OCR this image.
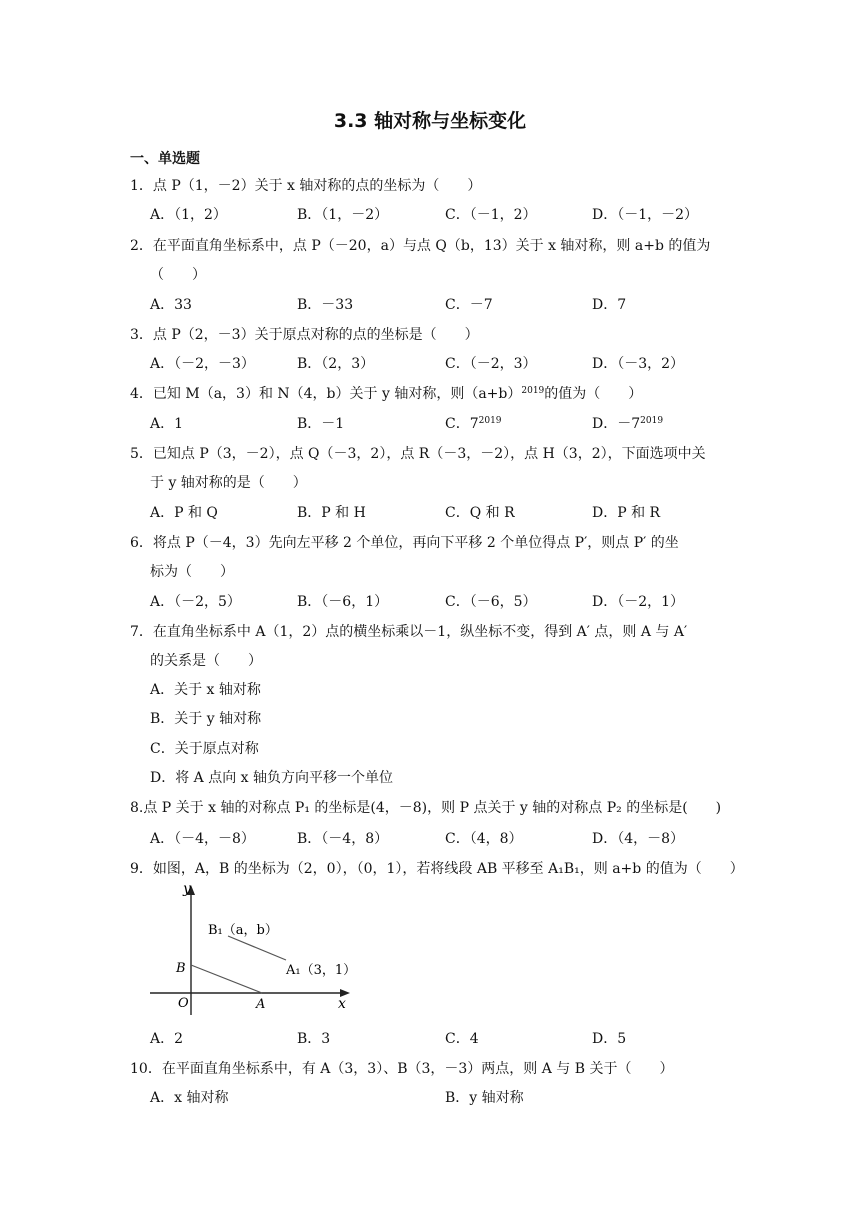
3.3 轴对称与坐标变化
一、单选题
1．点 P（1，－2）关于 x 轴对称的点的坐标为（　　）
A．（1，2）	B．（1，－2）	C．（－1，2）	D．（－1，－2）
2．在平面直角坐标系中，点 P（－20，a）与点 Q（b，13）关于 x 轴对称，则 a+b 的值为
（　　）
A．33	B．－33	C．－7	D．7
3．点 P（2，－3）关于原点对称的点的坐标是（　　）
A．（－2，－3）	B．（2，3）	C．（－2，3）	D．（－3，2）
4．已知 M（a，3）和 N（4，b）关于 y 轴对称，则$(a+b)^{2019}$的值为（　　）
A．1	B．－1	C．$7^{2019}$	D．$-7^{2019}$
5．已知点 P（3，－2），点 Q（－3，2），点 R（－3，－2），点 H（3，2），下面选项中关
于 y 轴对称的是（　　）
A．P 和 Q	B．P 和 H	C．Q 和 R	D．P 和 R
6．将点 P（－4，3）先向左平移 2 个单位，再向下平移 2 个单位得点 P′，则点 P′ 的坐
标为（　　）
A．（－2，5）	B．（－6，1）	C．（－6，5）	D．（－2，1）
7．在直角坐标系中 A（1，2）点的横坐标乘以－1，纵坐标不变，得到 A′ 点，则 A 与 A′
的关系是（　　）
A．关于 x 轴对称
B．关于 y 轴对称
C．关于原点对称
D．将 A 点向 x 轴负方向平移一个单位
8.点 P 关于 x 轴的对称点 P₁ 的坐标是(4，－8)，则 P 点关于 y 轴的对称点 P₂ 的坐标是(　　)
A．（－4，－8）	B．（－4，8）	C．（4，8）	D．（4，－8）
9．如图，A，B 的坐标为（2，0），（0，1），若将线段 AB 平移至 A₁B₁，则 a+b 的值为（　　）
y
x
O	A
B
B₁（a，b）
A₁（3，1）
A．2	B．3	C．4	D．5
10．在平面直角坐标系中，有 A（3，3）、B（3，－3）两点，则 A 与 B 关于（　　）
A．x 轴对称	B．y 轴对称
